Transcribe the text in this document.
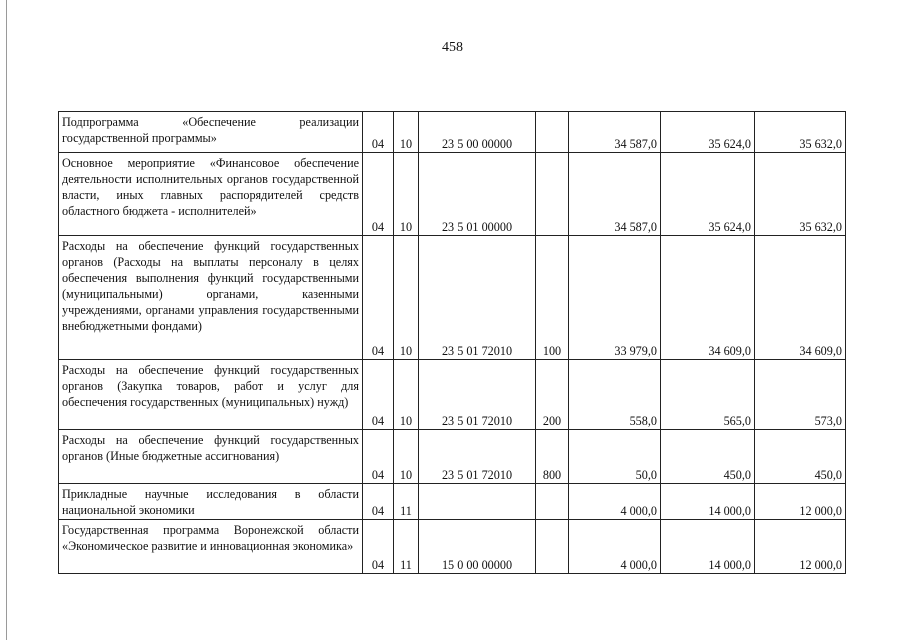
458
Подпрограмма «Обеспечение реализации государственной программы»	04	10	23 5 00 00000		34 587,0	35 624,0	35 632,0
Основное мероприятие «Финансовое обеспечение деятельности исполнительных органов государственной власти, иных главных распорядителей средств областного бюджета - исполнителей»	04	10	23 5 01 00000		34 587,0	35 624,0	35 632,0
Расходы на обеспечение функций государственных органов (Расходы на выплаты персоналу в целях обеспечения выполнения функций государственными (муниципальными) органами, казенными учреждениями, органами управления государственными внебюджетными фондами)	04	10	23 5 01 72010	100	33 979,0	34 609,0	34 609,0
Расходы на обеспечение функций государственных органов (Закупка товаров, работ и услуг для обеспечения государственных (муниципальных) нужд)	04	10	23 5 01 72010	200	558,0	565,0	573,0
Расходы на обеспечение функций государственных органов (Иные бюджетные ассигнования)	04	10	23 5 01 72010	800	50,0	450,0	450,0
Прикладные научные исследования в области национальной экономики	04	11			4 000,0	14 000,0	12 000,0
Государственная программа Воронежской области «Экономическое развитие и инновационная экономика»	04	11	15 0 00 00000		4 000,0	14 000,0	12 000,0
